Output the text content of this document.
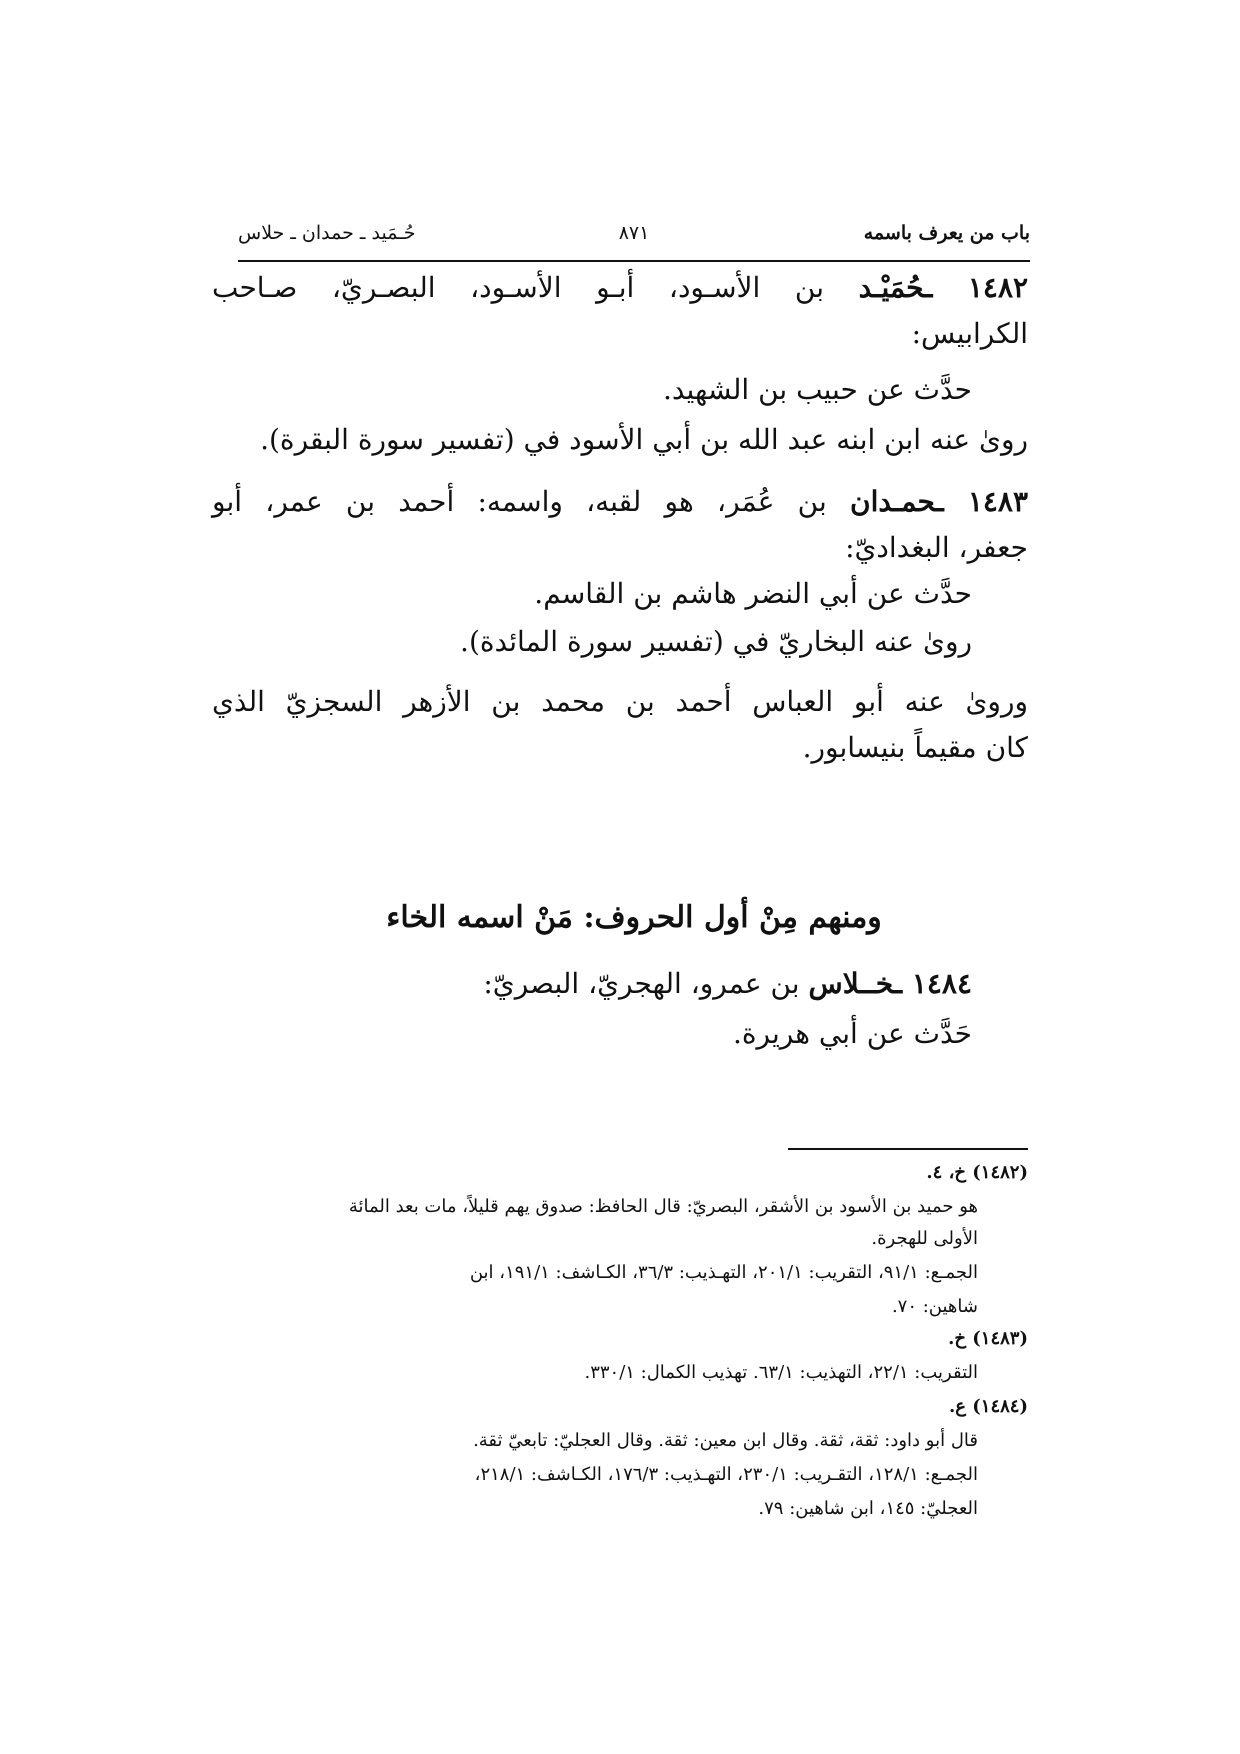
باب من يعرف باسمه
٨٧١
حُـمَيد ـ حمدان ـ حلاس
١٤٨٢ ـحُمَيْـد بن الأسـود، أبـو الأسـود، البصـريّ، صـاحب
الكرابيس:
حدَّث عن حبيب بن الشهيد.
روىٰ عنه ابن ابنه عبد الله بن أبي الأسود في (تفسير سورة البقرة).
١٤٨٣ ـحمـدان بن عُمَر، هو لقبه، واسمه: أحمد بن عمر، أبو
جعفر، البغداديّ:
حدَّث عن أبي النضر هاشم بن القاسم.
روىٰ عنه البخاريّ في (تفسير سورة المائدة).
وروىٰ عنه أبو العباس أحمد بن محمد بن الأزهر السجزيّ الذي
كان مقيماً بنيسابور.
ومنهم مِنْ أول الحروف: مَنْ اسمه الخاء
١٤٨٤ ـخــلاس بن عمرو، الهجريّ، البصريّ:
حَدَّث عن أبي هريرة.
(١٤٨٢) خ، ٤.
هو حميد بن الأسود بن الأشقر، البصريّ: قال الحافظ: صدوق يهم قليلاً، مات بعد المائة
الأولى للهجرة.
الجمـع: ٩١/١، التقريب: ٢٠١/١، التهـذيب: ٣٦/٣، الكـاشف: ١٩١/١، ابن
شاهين: ٧٠.
(١٤٨٣) خ.
التقريب: ٢٢/١، التهذيب: ٦٣/١. تهذيب الكمال: ٣٣٠/١.
(١٤٨٤) ع.
قال أبو داود: ثقة، ثقة. وقال ابن معين: ثقة. وقال العجليّ: تابعيّ ثقة.
الجمـع: ١٢٨/١، التقـريب: ٢٣٠/١، التهـذيب: ١٧٦/٣، الكـاشف: ٢١٨/١،
العجليّ: ١٤٥، ابن شاهين: ٧٩.
